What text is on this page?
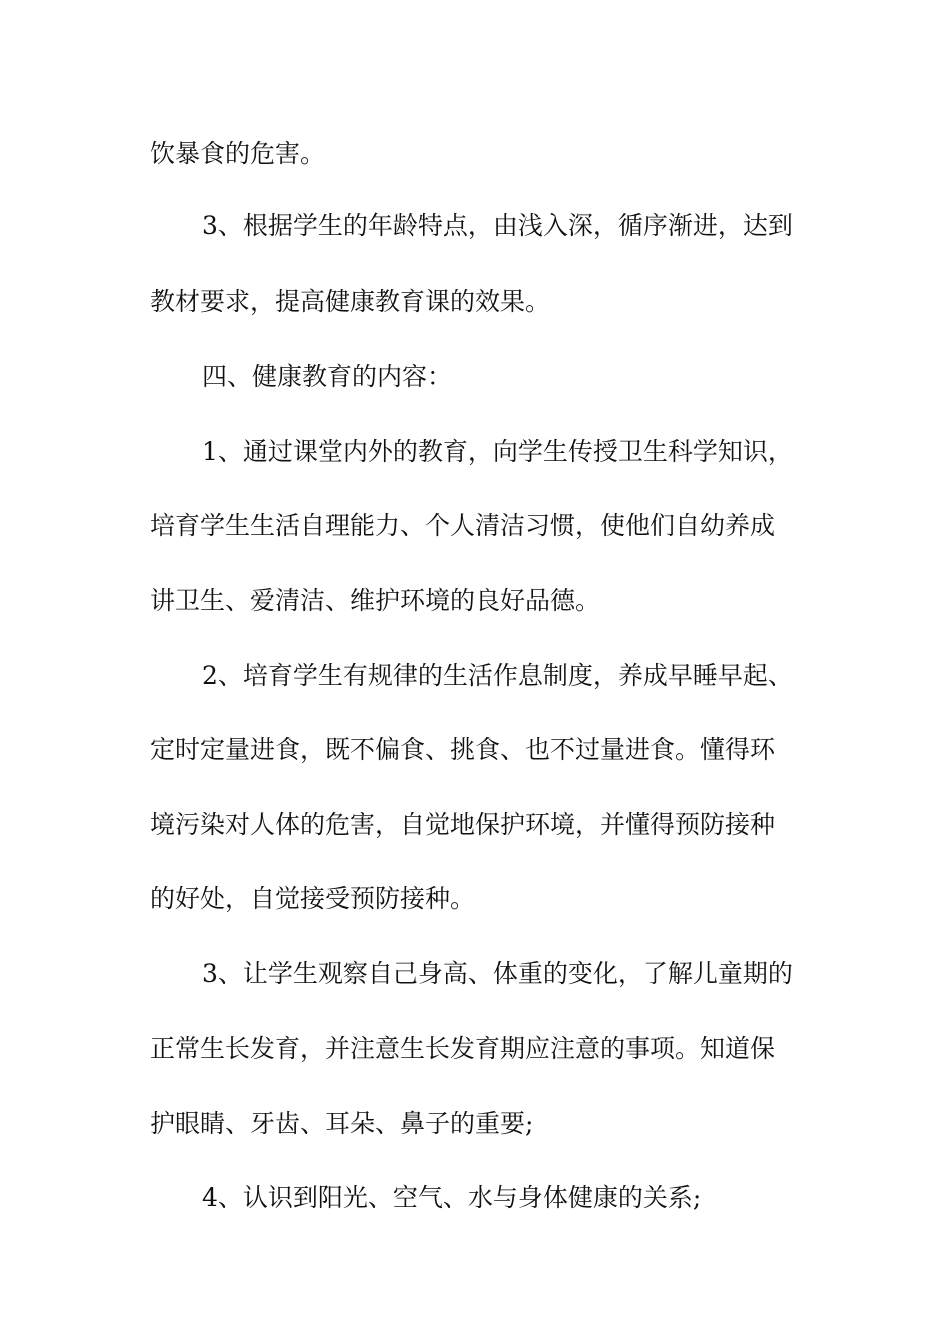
饮暴食的危害。
3、根据学生的年龄特点，由浅入深，循序渐进，达到
教材要求，提高健康教育课的效果。
四、健康教育的内容：
1、通过课堂内外的教育，向学生传授卫生科学知识，
培育学生生活自理能力、个人清洁习惯，使他们自幼养成
讲卫生、爱清洁、维护环境的良好品德。
2、培育学生有规律的生活作息制度，养成早睡早起、
定时定量进食，既不偏食、挑食、也不过量进食。懂得环
境污染对人体的危害，自觉地保护环境，并懂得预防接种
的好处，自觉接受预防接种。
3、让学生观察自己身高、体重的变化，了解儿童期的
正常生长发育，并注意生长发育期应注意的事项。知道保
护眼睛、牙齿、耳朵、鼻子的重要;
4、认识到阳光、空气、水与身体健康的关系;
